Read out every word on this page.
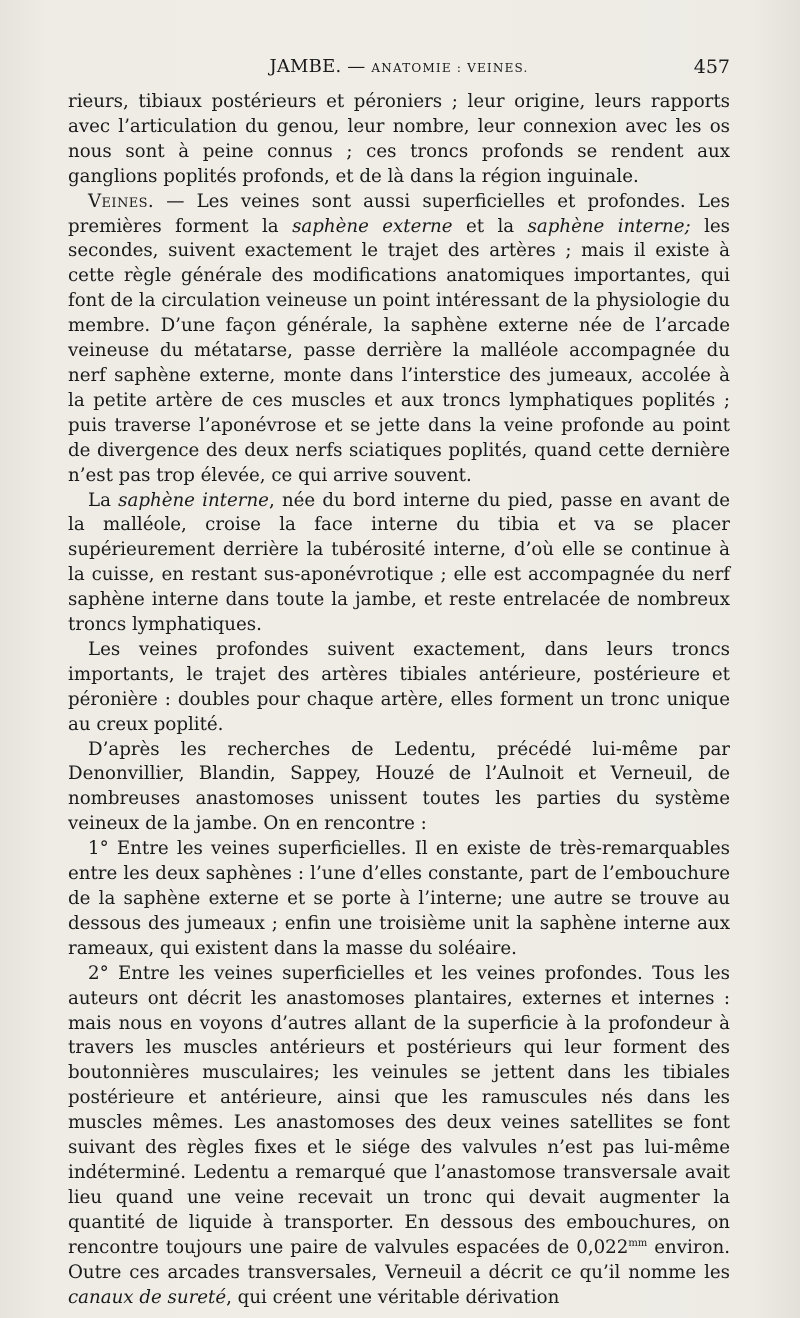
JAMBE. — ANATOMIE : VEINES.	457

rieurs, tibiaux postérieurs et péroniers ; leur origine, leurs rapports avec l’articulation du genou, leur nombre, leur connexion avec les os nous sont à peine connus ; ces troncs profonds se rendent aux ganglions poplités profonds, et de là dans la région inguinale.

Veines. — Les veines sont aussi superficielles et profondes. Les premières forment la saphène externe et la saphène interne; les secondes, suivent exactement le trajet des artères ; mais il existe à cette règle générale des modifications anatomiques importantes, qui font de la circulation veineuse un point intéressant de la physiologie du membre. D’une façon générale, la saphène externe née de l’arcade veineuse du métatarse, passe derrière la malléole accompagnée du nerf saphène externe, monte dans l’interstice des jumeaux, accolée à la petite artère de ces muscles et aux troncs lymphatiques poplités ; puis traverse l’aponévrose et se jette dans la veine profonde au point de divergence des deux nerfs sciatiques poplités, quand cette dernière n’est pas trop élevée, ce qui arrive souvent.

La saphène interne, née du bord interne du pied, passe en avant de la malléole, croise la face interne du tibia et va se placer supérieurement derrière la tubérosité interne, d’où elle se continue à la cuisse, en restant sus-aponévrotique ; elle est accompagnée du nerf saphène interne dans toute la jambe, et reste entrelacée de nombreux troncs lymphatiques.

Les veines profondes suivent exactement, dans leurs troncs importants, le trajet des artères tibiales antérieure, postérieure et péronière : doubles pour chaque artère, elles forment un tronc unique au creux poplité.

D’après les recherches de Ledentu, précédé lui-même par Denonvillier, Blandin, Sappey, Houzé de l’Aulnoit et Verneuil, de nombreuses anastomoses unissent toutes les parties du système veineux de la jambe. On en rencontre :

1° Entre les veines superficielles. Il en existe de très-remarquables entre les deux saphènes : l’une d’elles constante, part de l’embouchure de la saphène externe et se porte à l’interne; une autre se trouve au dessous des jumeaux ; enfin une troisième unit la saphène interne aux rameaux, qui existent dans la masse du soléaire.

2° Entre les veines superficielles et les veines profondes. Tous les auteurs ont décrit les anastomoses plantaires, externes et internes : mais nous en voyons d’autres allant de la superficie à la profondeur à travers les muscles antérieurs et postérieurs qui leur forment des boutonnières musculaires; les veinules se jettent dans les tibiales postérieure et antérieure, ainsi que les ramuscules nés dans les muscles mêmes. Les anastomoses des deux veines satellites se font suivant des règles fixes et le siége des valvules n’est pas lui-même indéterminé. Ledentu a remarqué que l’anastomose transversale avait lieu quand une veine recevait un tronc qui devait augmenter la quantité de liquide à transporter. En dessous des embouchures, on rencontre toujours une paire de valvules espacées de $0,022^{mm}$ environ. Outre ces arcades transversales, Verneuil a décrit ce qu’il nomme les canaux de sureté, qui créent une véritable dérivation
